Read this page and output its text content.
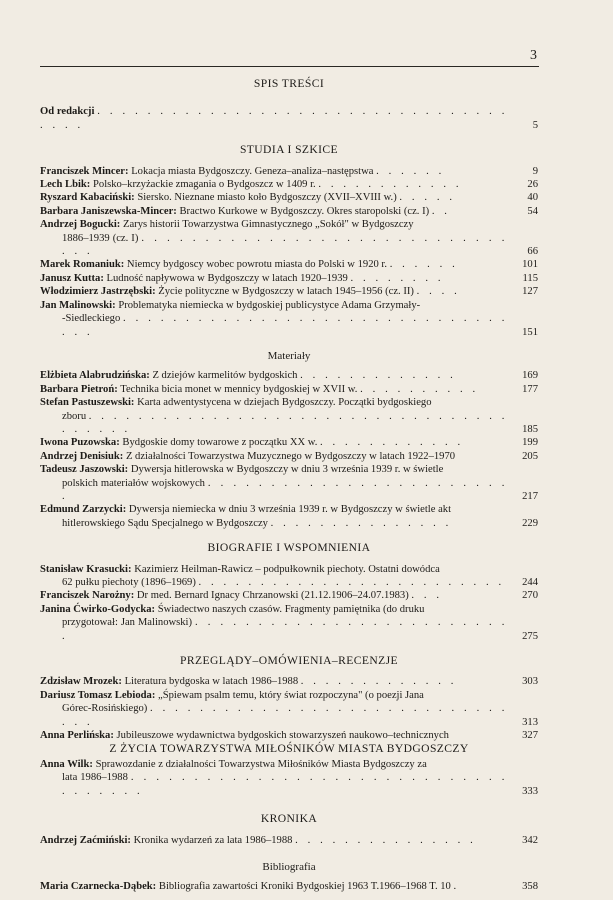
3
SPIS TREŚCI
Od redakcji . . . . . . . . . . . . . . . . . . . . . . . . . . . . . . . . . . . . .	5
STUDIA I SZKICE
Franciszek Mincer: Lokacja miasta Bydgoszczy. Geneza–analiza–następstwa . . . . . .	9
Lech Lbik: Polsko–krzyżackie zmagania o Bydgoszcz w 1409 r. . . . . . . . . . . . .	26
Ryszard Kabaciński: Siersko. Nieznane miasto koło Bydgoszczy (XVII–XVIII w.) . . . . .	40
Barbara Janiszewska-Mincer: Bractwo Kurkowe w Bydgoszczy. Okres staropolski (cz. I) . .	54
Andrzej Bogucki: Zarys historii Towarzystwa Gimnastycznego „Sokół" w Bydgoszczy
1886–1939 (cz. I) . . . . . . . . . . . . . . . . . . . . . . . . . . . . . . . .	66
Marek Romaniuk: Niemcy bydgoscy wobec powrotu miasta do Polski w 1920 r. . . . . . .	101
Janusz Kutta: Ludność napływowa w Bydgoszczy w latach 1920–1939 . . . . . . . .	115
Włodzimierz Jastrzębski: Życie polityczne w Bydgoszczy w latach 1945–1956 (cz. II) . . . .	127
Jan Malinowski: Problematyka niemiecka w bydgoskiej publicystyce Adama Grzymały-
-Siedleckiego . . . . . . . . . . . . . . . . . . . . . . . . . . . . . . . . . .	151
Materiały
Elżbieta Alabrudzińska: Z dziejów karmelitów bydgoskich . . . . . . . . . . . . .	169
Barbara Pietroń: Technika bicia monet w mennicy bydgoskiej w XVII w. . . . . . . . . . .	177
Stefan Pastuszewski: Karta adwentystycena w dziejach Bydgoszczy. Początki bydgoskiego
zboru . . . . . . . . . . . . . . . . . . . . . . . . . . . . . . . . . . . . . . . .	185
Iwona Puzowska: Bydgoskie domy towarowe z początku XX w. . . . . . . . . . . . .	199
Andrzej Denisiuk: Z działalności Towarzystwa Muzycznego w Bydgoszczy w latach 1922–1970	205
Tadeusz Jaszowski: Dywersja hitlerowska w Bydgoszczy w dniu 3 września 1939 r. w świetle
polskich materiałów wojskowych . . . . . . . . . . . . . . . . . . . . . . . . .	217
Edmund Zarzycki: Dywersja niemiecka w dniu 3 września 1939 r. w Bydgoszczy w świetle akt
hitlerowskiego Sądu Specjalnego w Bydgoszczy . . . . . . . . . . . . . . .	229
BIOGRAFIE I WSPOMNIENIA
Stanisław Krasucki: Kazimierz Heilman-Rawicz – podpułkownik piechoty. Ostatni dowódca
62 pułku piechoty (1896–1969) . . . . . . . . . . . . . . . . . . . . . . . . .	244
Franciszek Narożny: Dr med. Bernard Ignacy Chrzanowski (21.12.1906–24.07.1983) . . .	270
Janina Ćwirko-Godycka: Świadectwo naszych czasów. Fragmenty pamiętnika (do druku
przygotował: Jan Malinowski) . . . . . . . . . . . . . . . . . . . . . . . . . .	275
PRZEGLĄDY–OMÓWIENIA–RECENZJE
Zdzisław Mrozek: Literatura bydgoska w latach 1986–1988 . . . . . . . . . . . . .	303
Dariusz Tomasz Lebioda: „Śpiewam psalm temu, który świat rozpoczyna" (o poezji Jana
Górec-Rosińskiego) . . . . . . . . . . . . . . . . . . . . . . . . . . . . . . . .	313
Anna Perlińska: Jubileuszowe wydawnictwa bydgoskich stowarzyszeń naukowo–technicznych	327
Z ŻYCIA TOWARZYSTWA MIŁOŚNIKÓW MIASTA BYDGOSZCZY
Anna Wilk: Sprawozdanie z działalności Towarzystwa Miłośników Miasta Bydgoszczy za
lata 1986–1988 . . . . . . . . . . . . . . . . . . . . . . . . . . . . . . . . . . . . .	333
KRONIKA
Andrzej Zaćmiński: Kronika wydarzeń za lata 1986–1988 . . . . . . . . . . . . . . .	342
Bibliografia
Maria Czarnecka-Dąbek: Bibliografia zawartości Kroniki Bydgoskiej 1963 T.1966–1968 T. 10 .	358
